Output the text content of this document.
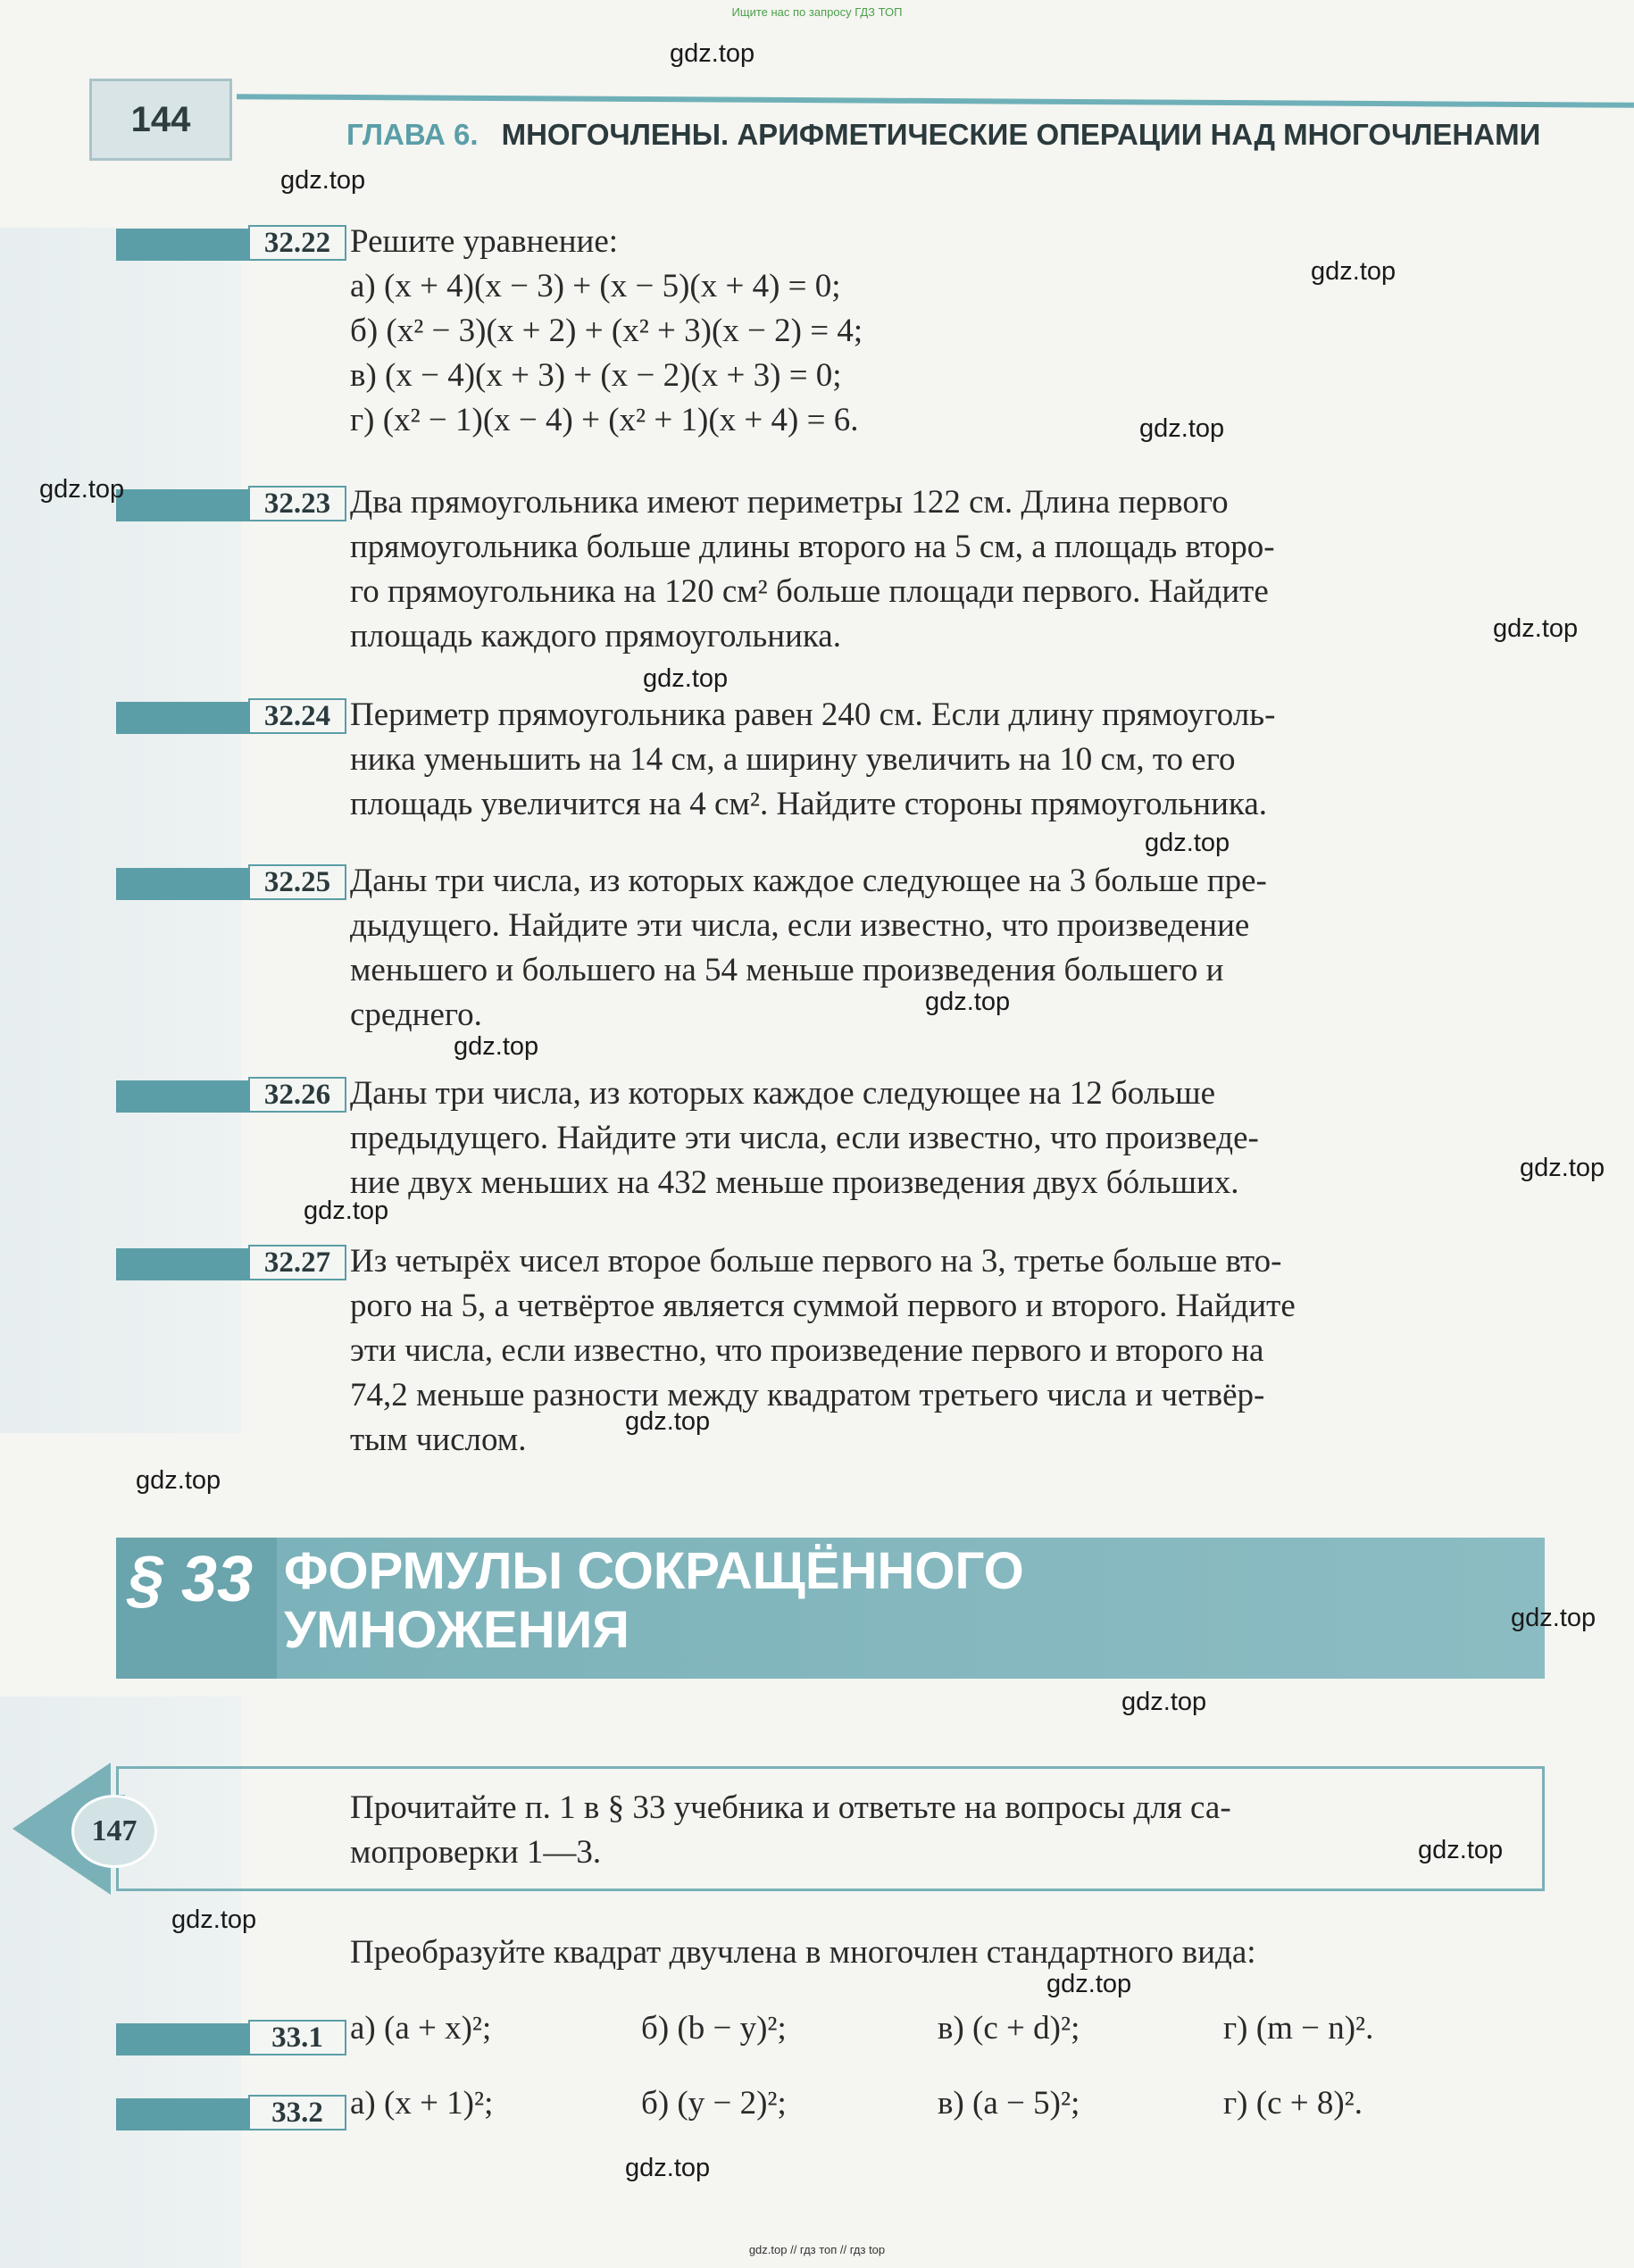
Ищите нас по запросу ГДЗ ТОП
144	ГЛАВА 6. МНОГОЧЛЕНЫ. АРИФМЕТИЧЕСКИЕ ОПЕРАЦИИ НАД МНОГОЧЛЕНАМИ
32.22 Решите уравнение:
а) (x + 4)(x − 3) + (x − 5)(x + 4) = 0;
б) (x² − 3)(x + 2) + (x² + 3)(x − 2) = 4;
в) (x − 4)(x + 3) + (x − 2)(x + 3) = 0;
г) (x² − 1)(x − 4) + (x² + 1)(x + 4) = 6.
32.23 Два прямоугольника имеют периметры 122 см. Длина первого
прямоугольника больше длины второго на 5 см, а площадь второ-
го прямоугольника на 120 см² больше площади первого. Найдите
площадь каждого прямоугольника.
32.24 Периметр прямоугольника равен 240 см. Если длину прямоуголь-
ника уменьшить на 14 см, а ширину увеличить на 10 см, то его
площадь увеличится на 4 см². Найдите стороны прямоугольника.
32.25 Даны три числа, из которых каждое следующее на 3 больше пре-
дыдущего. Найдите эти числа, если известно, что произведение
меньшего и большего на 54 меньше произведения большего и
среднего.
32.26 Даны три числа, из которых каждое следующее на 12 больше
предыдущего. Найдите эти числа, если известно, что произведе-
ние двух меньших на 432 меньше произведения двух бóльших.
32.27 Из четырёх чисел второе больше первого на 3, третье больше вто-
рого на 5, а четвёртое является суммой первого и второго. Найдите
эти числа, если известно, что произведение первого и второго на
74,2 меньше разности между квадратом третьего числа и четвёр-
тым числом.
§ 33 ФОРМУЛЫ СОКРАЩЁННОГО
УМНОЖЕНИЯ
147
Прочитайте п. 1 в § 33 учебника и ответьте на вопросы для са-
мопроверки 1—3.
Преобразуйте квадрат двучлена в многочлен стандартного вида:
33.1 а) (a + x)²;	б) (b − y)²;	в) (c + d)²;	г) (m − n)².
33.2 а) (x + 1)²;	б) (y − 2)²;	в) (a − 5)²;	г) (c + 8)².
gdz.top
gdz.top
gdz.top
gdz.top
gdz.top
gdz.top
gdz.top
gdz.top
gdz.top
gdz.top
gdz.top
gdz.top
gdz.top
gdz.top
gdz.top
gdz.top
gdz.top
gdz.top
gdz.top
gdz.top
gdz.top // гдз топ // гдз top
